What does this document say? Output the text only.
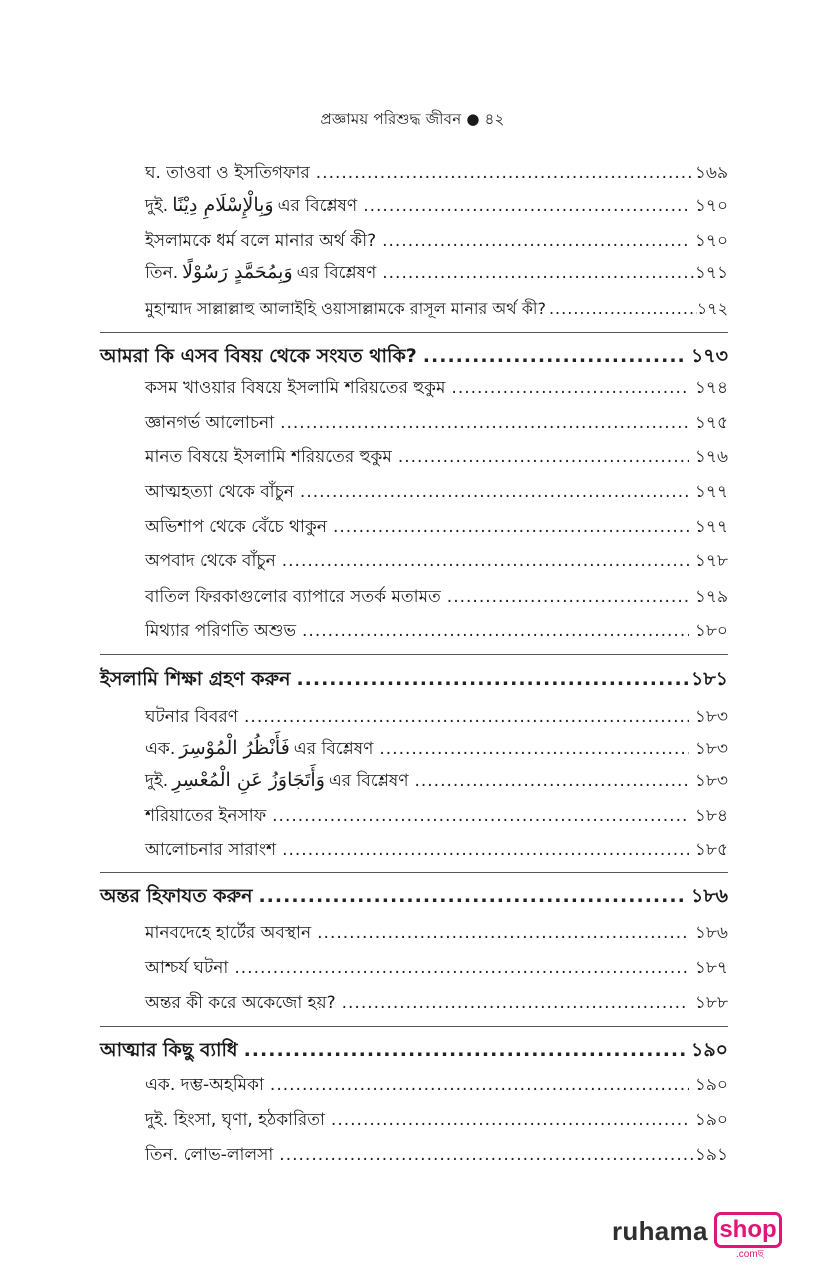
প্রজ্ঞাময় পরিশুদ্ধ জীবন ● ৪২
ঘ. তাওবা ও ইসতিগফার .....	১৬৯
দুই. وَبِالْإِسْلَامِ دِيْنًا এর বিশ্লেষণ .....	১৭০
ইসলামকে ধর্ম বলে মানার অর্থ কী? .....	১৭০
তিন. وَبِمُحَمَّدٍ رَسُوْلًا এর বিশ্লেষণ .....	১৭১
মুহাম্মাদ সাল্লাল্লাহু আলাইহি ওয়াসাল্লামকে রাসূল মানার অর্থ কী? .....	১৭২
আমরা কি এসব বিষয় থেকে সংযত থাকি? .....	১৭৩
কসম খাওয়ার বিষয়ে ইসলামি শরিয়তের হুকুম .....	১৭৪
জ্ঞানগর্ভ আলোচনা .....	১৭৫
মানত বিষয়ে ইসলামি শরিয়তের হুকুম .....	১৭৬
আত্মহত্যা থেকে বাঁচুন .....	১৭৭
অভিশাপ থেকে বেঁচে থাকুন .....	১৭৭
অপবাদ থেকে বাঁচুন .....	১৭৮
বাতিল ফিরকাগুলোর ব্যাপারে সতর্ক মতামত .....	১৭৯
মিথ্যার পরিণতি অশুভ .....	১৮০
ইসলামি শিক্ষা গ্রহণ করুন .....	১৮১
ঘটনার বিবরণ .....	১৮৩
এক. فَأَنْظُرُ الْمُوْسِرَ এর বিশ্লেষণ .....	১৮৩
দুই. وَأَتَجَاوَزُ عَنِ الْمُعْسِرِ এর বিশ্লেষণ .....	১৮৩
শরিয়াতের ইনসাফ .....	১৮৪
আলোচনার সারাংশ .....	১৮৫
অন্তর হিফাযত করুন .....	১৮৬
মানবদেহে হার্টের অবস্থান .....	১৮৬
আশ্চর্য ঘটনা .....	১৮৭
অন্তর কী করে অকেজো হয়? .....	১৮৮
আত্মার কিছু ব্যাধি .....	১৯০
এক. দম্ভ-অহমিকা .....	১৯০
দুই. হিংসা, ঘৃণা, হঠকারিতা .....	১৯০
তিন. লোভ-লালসা .....	১৯১
ruhama shop
.comছ
